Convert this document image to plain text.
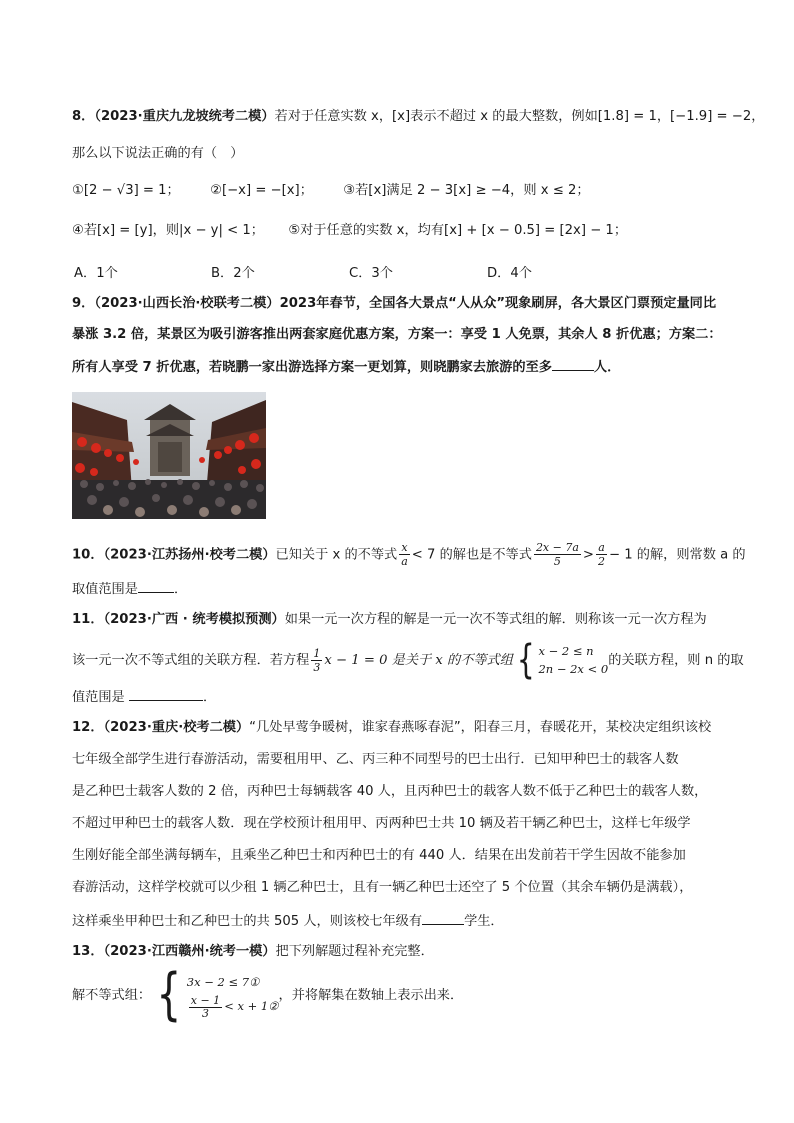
8．（2023·重庆九龙坡统考二模）若对于任意实数 x，[x]表示不超过 x 的最大整数，例如[1.8] = 1，[−1.9] = −2，
那么以下说法正确的有（　）
①[2 − √3] = 1； ②[−x] = −[x]； ③若[x]满足 2 − 3[x] ≥ −4，则 x ≤ 2；
④若[x] = [y]，则|x − y| < 1； ⑤对于任意的实数 x，均有[x] + [x − 0.5] = [2x] − 1；
A．1个	B．2个	C．3个	D．4个
9．（2023·山西长治·校联考二模）2023年春节，全国各大景点“人从众”现象刷屏，各大景区门票预定量同比
暴涨 3.2 倍，某景区为吸引游客推出两套家庭优惠方案，方案一：享受 1 人免票，其余人 8 折优惠；方案二：
所有人享受 7 折优惠，若晓鹏一家出游选择方案一更划算，则晓鹏家去旅游的至多	人．
10．（2023·江苏扬州·校考二模）已知关于 x 的不等式 $\frac{x}{a} < 7$ 的解也是不等式 $\frac{2x - 7a}{5} > \frac{a}{2} - 1$ 的解，则常数 a 的
取值范围是	．
11．（2023·广西 · 统考模拟预测）如果一元一次方程的解是一元一次不等式组的解．则称该一元一次方程为
该一元一次不等式组的关联方程．若方程 $\frac{1}{3}$ x − 1 = 0 是关于 x 的不等式组{ x − 2 ≤ n
2n − 2x < 0
的关联方程，则 n 的取
值范围是	．
12．（2023·重庆·校考二模）“几处早莺争暖树，谁家春燕啄春泥”，阳春三月，春暖花开，某校决定组织该校
七年级全部学生进行春游活动，需要租用甲、乙、丙三种不同型号的巴士出行．已知甲种巴士的载客人数
是乙种巴士载客人数的 2 倍，丙种巴士每辆载客 40 人，且丙种巴士的载客人数不低于乙种巴士的载客人数，
不超过甲种巴士的载客人数．现在学校预计租用甲、丙两种巴士共 10 辆及若干辆乙种巴士，这样七年级学
生刚好能全部坐满每辆车，且乘坐乙种巴士和丙种巴士的有 440 人．结果在出发前若干学生因故不能参加
春游活动，这样学校就可以少租 1 辆乙种巴士，且有一辆乙种巴士还空了 5 个位置（其余车辆仍是满载），
这样乘坐甲种巴士和乙种巴士的共 505 人，则该校七年级有	学生．
13．（2023·江西赣州·统考一模）把下列解题过程补充完整．
解不等式组：{ 3x − 2 ≤ 7①
$\frac{x - 1}{3} < x$ + 1②
，并将解集在数轴上表示出来．
